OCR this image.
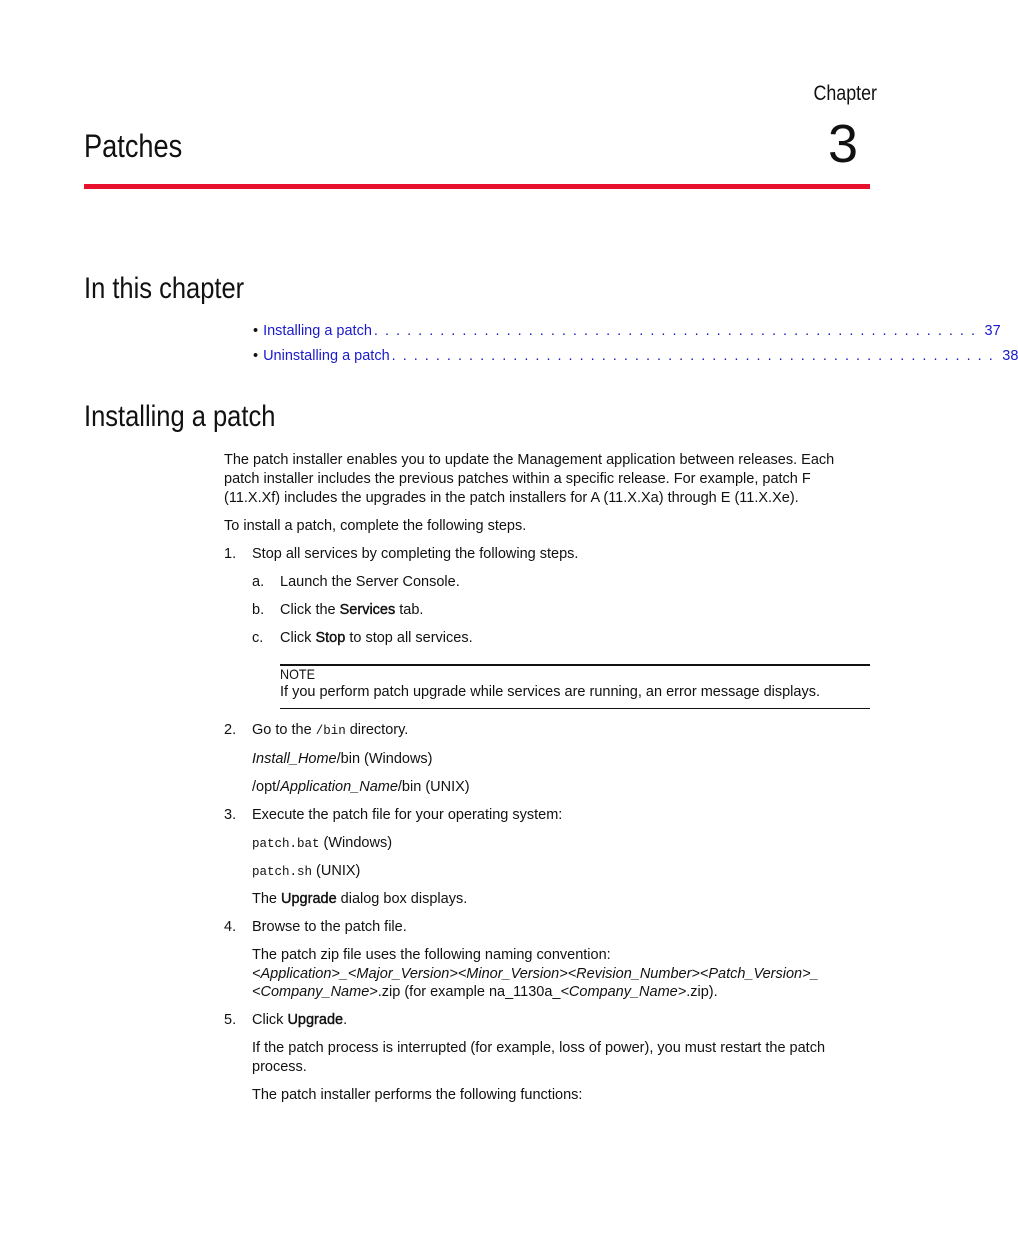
Chapter
3
Patches
In this chapter
• Installing a patch . . . . . . . . . . . . . . . . . . . . . . . . . . . . . . . . . . . . . . . . . . . . . . . . . . . . . . . 37
• Uninstalling a patch . . . . . . . . . . . . . . . . . . . . . . . . . . . . . . . . . . . . . . . . . . . . . . . . . . . . . . . 38
Installing a patch
The patch installer enables you to update the Management application between releases. Each
patch installer includes the previous patches within a specific release. For example, patch F
(11.X.Xf) includes the upgrades in the patch installers for A (11.X.Xa) through E (11.X.Xe).
To install a patch, complete the following steps.
1. Stop all services by completing the following steps.
a. Launch the Server Console.
b. Click the Services tab.
c. Click Stop to stop all services.
NOTE
If you perform patch upgrade while services are running, an error message displays.
2. Go to the /bin directory.
Install_Home/bin (Windows)
/opt/Application_Name/bin (UNIX)
3. Execute the patch file for your operating system:
patch.bat (Windows)
patch.sh (UNIX)
The Upgrade dialog box displays.
4. Browse to the patch file.
The patch zip file uses the following naming convention:
<Application>_<Major_Version><Minor_Version><Revision_Number><Patch_Version>_
<Company_Name>.zip (for example na_1130a_<Company_Name>.zip).
5. Click Upgrade.
If the patch process is interrupted (for example, loss of power), you must restart the patch
process.
The patch installer performs the following functions:
